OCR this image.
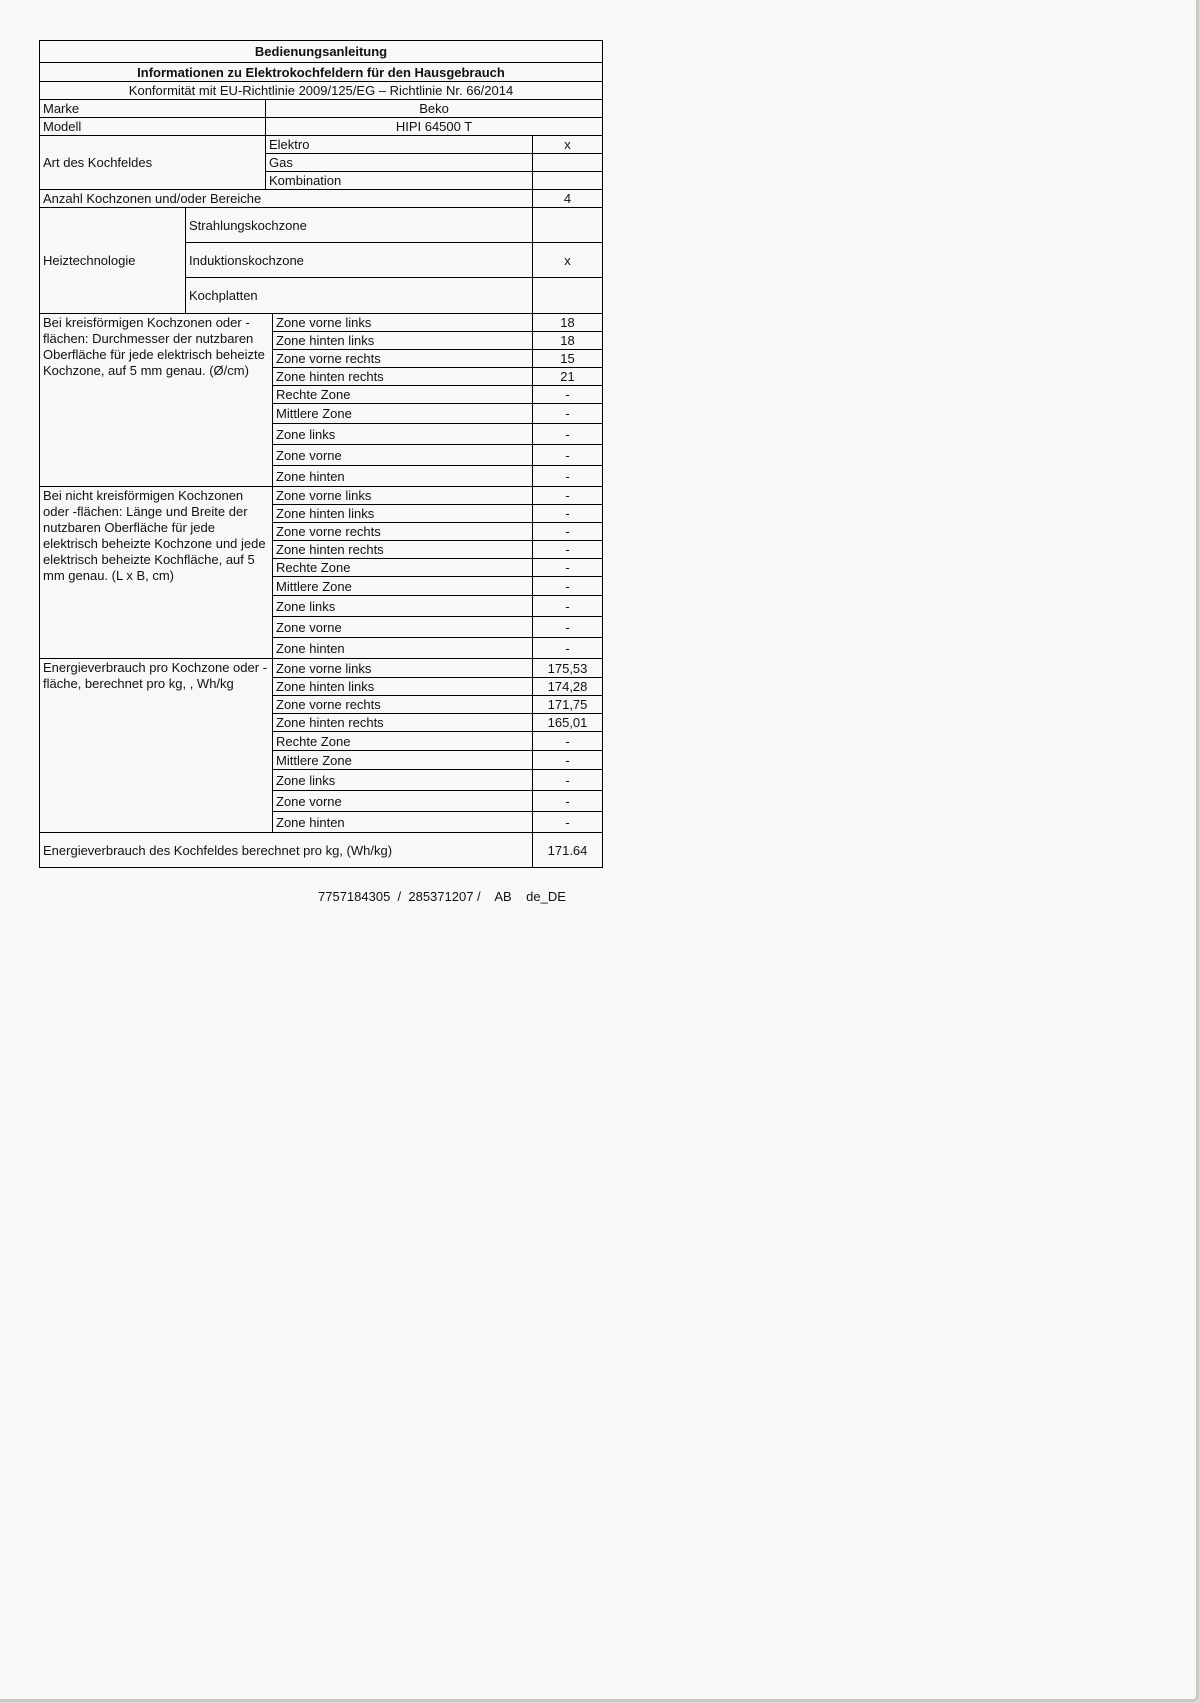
Bedienungsanleitung				
Informationen zu Elektrokochfeldern für den Hausgebrauch				
Konformität mit EU-Richtlinie 2009/125/EG – Richtlinie Nr. 66/2014				
Marke		Beko		
Modell		HIPI 64500 T		
Art des Kochfeldes		Elektro		x
		Gas		
		Kombination		
Anzahl Kochzonen und/oder Bereiche				4
Heiztechnologie	Strahlungskochzone			
	Induktionskochzone			x
	Kochplatten			
Bei kreisförmigen Kochzonen oder -flächen: Durchmesser der nutzbaren Oberfläche für jede elektrisch beheizte Kochzone, auf 5 mm genau. (Ø/cm)			Zone vorne links	18
			Zone hinten links	18
			Zone vorne rechts	15
			Zone hinten rechts	21
			Rechte Zone	-
			Mittlere Zone	-
			Zone links	-
			Zone vorne	-
			Zone hinten	-
Bei nicht kreisförmigen Kochzonen oder -flächen: Länge und Breite der nutzbaren Oberfläche für jede elektrisch beheizte Kochzone und jede elektrisch beheizte Kochfläche, auf 5 mm genau. (L x B, cm)			Zone vorne links	-
			Zone hinten links	-
			Zone vorne rechts	-
			Zone hinten rechts	-
			Rechte Zone	-
			Mittlere Zone	-
			Zone links	-
			Zone vorne	-
			Zone hinten	-
Energieverbrauch pro Kochzone oder -fläche, berechnet pro kg, , Wh/kg			Zone vorne links	175,53
			Zone hinten links	174,28
			Zone vorne rechts	171,75
			Zone hinten rechts	165,01
			Rechte Zone	-
			Mittlere Zone	-
			Zone links	-
			Zone vorne	-
			Zone hinten	-
Energieverbrauch des Kochfeldes berechnet pro kg, (Wh/kg)				171.64
7757184305  /  285371207 /    AB    de_DE
